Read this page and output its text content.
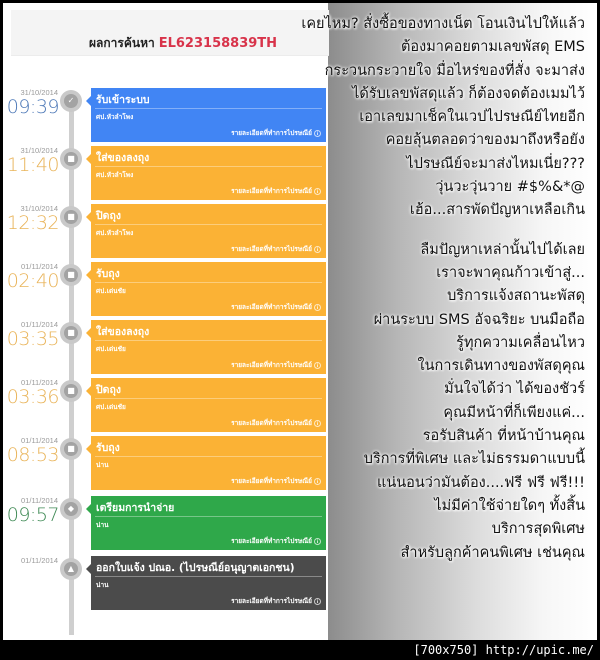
ผลการค้นหา EL623158839TH
31/10/2014
09:39	✓	รับเข้าระบบ
ศป.หัวลำโพง
รายละเอียดที่ทำการไปรษณีย์ i
31/10/2014
11:40	■	ใส่ของลงถุง
ศป.หัวลำโพง
รายละเอียดที่ทำการไปรษณีย์ i
31/10/2014
12:32	■	ปิดถุง
ศป.หัวลำโพง
รายละเอียดที่ทำการไปรษณีย์ i
01/11/2014
02:40	■	รับถุง
ศป.เด่นชัย
รายละเอียดที่ทำการไปรษณีย์ i
01/11/2014
03:35	■	ใส่ของลงถุง
ศป.เด่นชัย
รายละเอียดที่ทำการไปรษณีย์ i
01/11/2014
03:36	■	ปิดถุง
ศป.เด่นชัย
รายละเอียดที่ทำการไปรษณีย์ i
01/11/2014
08:53	■	รับถุง
น่าน
รายละเอียดที่ทำการไปรษณีย์ i
01/11/2014
09:57	◆	เตรียมการนำจ่าย
น่าน
รายละเอียดที่ทำการไปรษณีย์ i
01/11/2014
▲	ออกใบแจ้ง ปณอ. (ไปรษณีย์อนุญาตเอกชน)
น่าน
รายละเอียดที่ทำการไปรษณีย์ i
เคยไหม? สั่งซื้อของทางเน็ต โอนเงินไปให้แล้ว
ต้องมาคอยตามเลขพัสดุ EMS
กระวนกระวายใจ มื่อไหร่ของที่สั่ง จะมาส่ง
ได้รับเลขพัสดุแล้ว ก็ต้องจดต้องเมมไว้
เอาเลขมาเช็คในเวปไปรษณีย์ไทยอีก
คอยลุ้นตลอดว่าของมาถึงหรือยัง
ไปรษณีย์จะมาส่งไหมเนี่ย???
วุ่นวะวุ่นวาย #$%&*@
เฮ้อ...สารพัดปัญหาเหลือเกิน
ลืมปัญหาเหล่านั้นไปได้เลย
เราจะพาคุณก้าวเข้าสู่...
บริการแจ้งสถานะพัสดุ
ผ่านระบบ SMS อัจฉริยะ บนมือถือ
รู้ทุกความเคลื่อนไหว
ในการเดินทางของพัสดุคุณ
มั่นใจได้ว่า ได้ของชัวร์
คุณมีหน้าที่ก็เพียงแค่...
รอรับสินค้า ที่หน้าบ้านคุณ
บริการที่พิเศษ และไม่ธรรมดาแบบนี้
แน่นอนว่ามันต้อง....ฟรี ฟรี ฟรี!!!
ไม่มีค่าใช้จ่ายใดๆ ทั้งสิ้น
บริการสุดพิเศษ
สำหรับลูกค้าคนพิเศษ เช่นคุณ
[700x750] http://upic.me/
